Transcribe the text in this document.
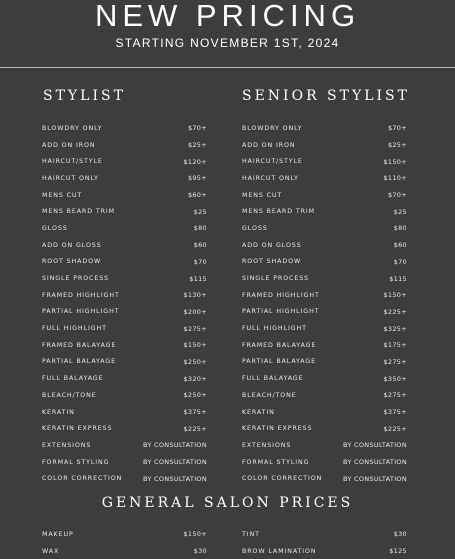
NEW PRICING
STARTING NOVEMBER 1ST, 2024
STYLIST	SENIOR STYLIST
BLOWDRY ONLY	$70+
ADD ON IRON	$25+
HAIRCUT/STYLE	$120+
HAIRCUT ONLY	$95+
MENS CUT	$60+
MENS BEARD TRIM	$25
GLOSS	$80
ADD ON GLOSS	$60
ROOT SHADOW	$70
SINGLE PROCESS	$115
FRAMED HIGHLIGHT	$130+
PARTIAL HIGHLIGHT	$200+
FULL HIGHLIGHT	$275+
FRAMED BALAYAGE	$150+
PARTIAL BALAYAGE	$250+
FULL BALAYAGE	$320+
BLEACH/TONE	$250+
KERATIN	$375+
KERATIN EXPRESS	$225+
EXTENSIONS	BY CONSULTATION
FORMAL STYLING	BY CONSULTATION
COLOR CORRECTION	BY CONSULTATION
BLOWDRY ONLY	$70+
ADD ON IRON	$25+
HAIRCUT/STYLE	$150+
HAIRCUT ONLY	$110+
MENS CUT	$70+
MENS BEARD TRIM	$25
GLOSS	$80
ADD ON GLOSS	$60
ROOT SHADOW	$70
SINGLE PROCESS	$115
FRAMED HIGHLIGHT	$150+
PARTIAL HIGHLIGHT	$225+
FULL HIGHLIGHT	$325+
FRAMED BALAYAGE	$175+
PARTIAL BALAYAGE	$275+
FULL BALAYAGE	$350+
BLEACH/TONE	$275+
KERATIN	$375+
KERATIN EXPRESS	$225+
EXTENSIONS	BY CONSULTATION
FORMAL STYLING	BY CONSULTATION
COLOR CORRECTION	BY CONSULTATION
GENERAL SALON PRICES
MAKEUP	$150+
WAX	$30
TINT	$30
BROW LAMINATION	$125
